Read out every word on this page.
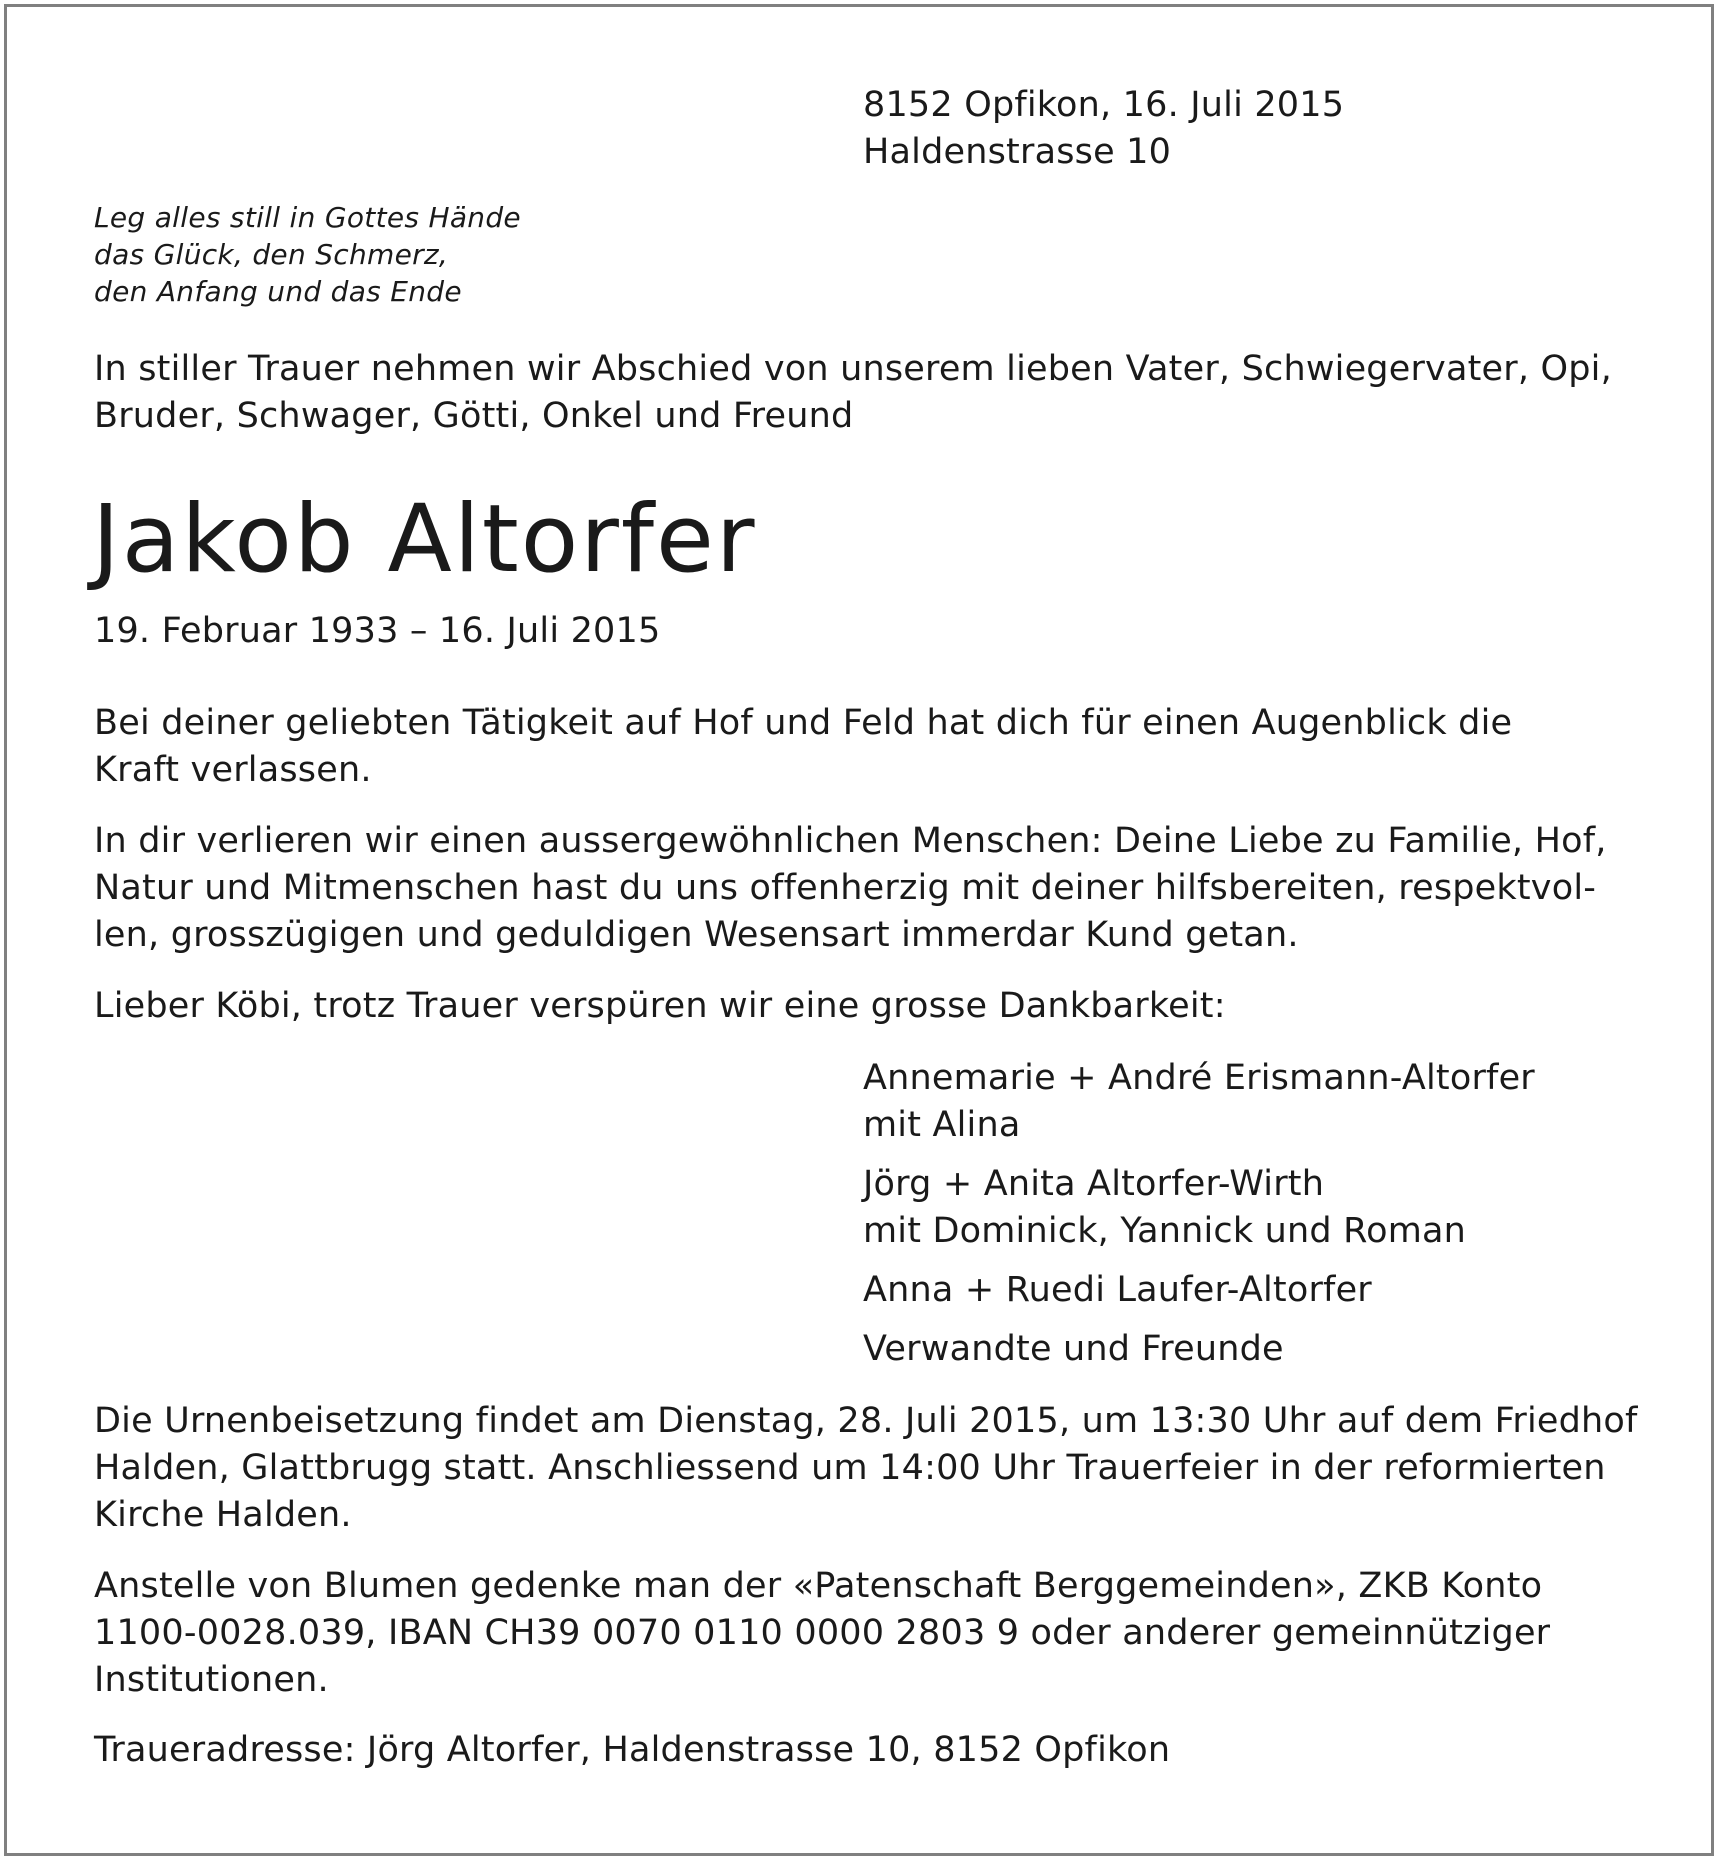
8152 Opfikon, 16. Juli 2015
Haldenstrasse 10
Leg alles still in Gottes Hände
das Glück, den Schmerz,
den Anfang und das Ende
In stiller Trauer nehmen wir Abschied von unserem lieben Vater, Schwiegervater, Opi,
Bruder, Schwager, Götti, Onkel und Freund
Jakob Altorfer
19. Februar 1933 – 16. Juli 2015
Bei deiner geliebten Tätigkeit auf Hof und Feld hat dich für einen Augenblick die
Kraft verlassen.
In dir verlieren wir einen aussergewöhnlichen Menschen: Deine Liebe zu Familie, Hof,
Natur und Mitmenschen hast du uns offenherzig mit deiner hilfsbereiten, respektvol-
len, grosszügigen und geduldigen Wesensart immerdar Kund getan.
Lieber Köbi, trotz Trauer verspüren wir eine grosse Dankbarkeit:
Annemarie + André Erismann-Altorfer
mit Alina
Jörg + Anita Altorfer-Wirth
mit Dominick, Yannick und Roman
Anna + Ruedi Laufer-Altorfer
Verwandte und Freunde
Die Urnenbeisetzung findet am Dienstag, 28. Juli 2015, um 13:30 Uhr auf dem Friedhof
Halden, Glattbrugg statt. Anschliessend um 14:00 Uhr Trauerfeier in der reformierten
Kirche Halden.
Anstelle von Blumen gedenke man der «Patenschaft Berggemeinden», ZKB Konto
1100-0028.039, IBAN CH39 0070 0110 0000 2803 9 oder anderer gemeinnütziger
Institutionen.
Traueradresse: Jörg Altorfer, Haldenstrasse 10, 8152 Opfikon
